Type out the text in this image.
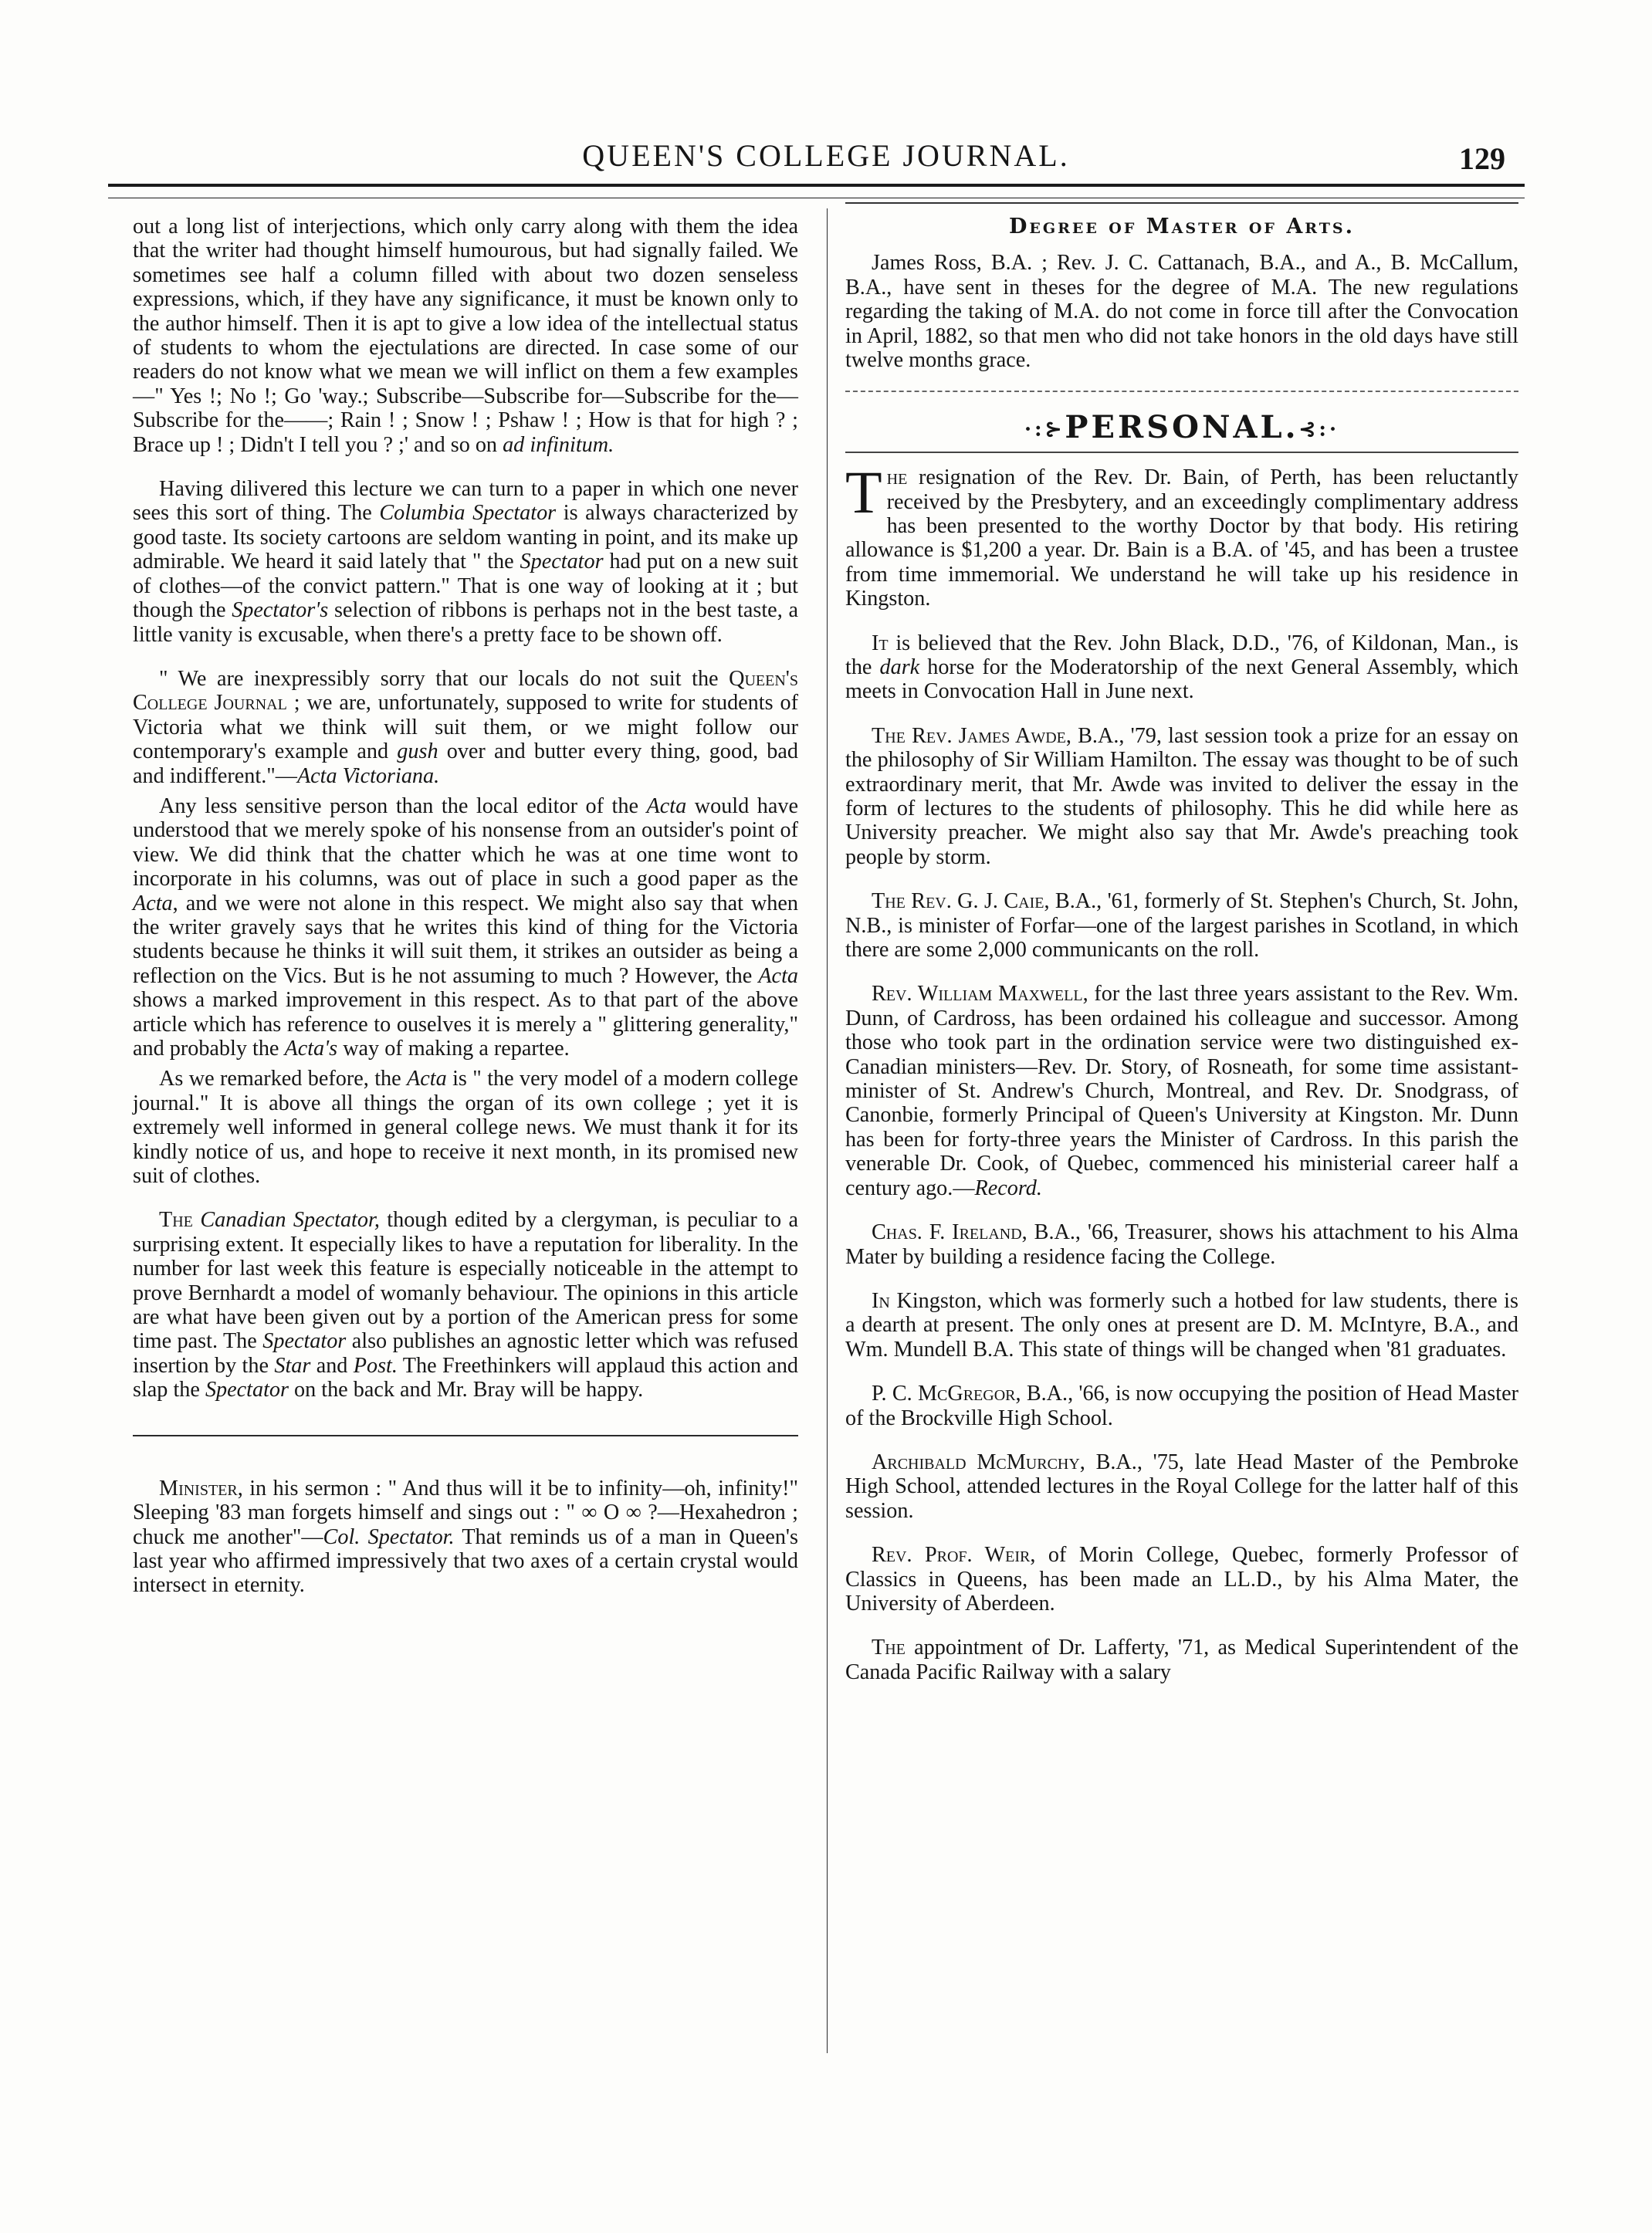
QUEEN'S COLLEGE JOURNAL.	129

out a long list of interjections, which only carry along with them the idea that the writer had thought himself humourous, but had signally failed. We sometimes see half a column filled with about two dozen senseless expressions, which, if they have any significance, it must be known only to the author himself. Then it is apt to give a low idea of the intellectual status of students to whom the ejectulations are directed. In case some of our readers do not know what we mean we will inflict on them a few examples—" Yes !; No !; Go 'way.; Subscribe—Subscribe for—Subscribe for the—Subscribe for the——; Rain ! ; Snow ! ; Pshaw ! ; How is that for high ? ; Brace up ! ; Didn't I tell you ? ;' and so on ad infinitum.

Having dilivered this lecture we can turn to a paper in which one never sees this sort of thing. The Columbia Spectator is always characterized by good taste. Its society cartoons are seldom wanting in point, and its make up admirable. We heard it said lately that " the Spectator had put on a new suit of clothes—of the convict pattern." That is one way of looking at it ; but though the Spectator's selection of ribbons is perhaps not in the best taste, a little vanity is excusable, when there's a pretty face to be shown off.

" We are inexpressibly sorry that our locals do not suit the Queen's College Journal ; we are, unfortunately, supposed to write for students of Victoria what we think will suit them, or we might follow our contemporary's example and gush over and butter every thing, good, bad and indifferent."—Acta Victoriana.

Any less sensitive person than the local editor of the Acta would have understood that we merely spoke of his nonsense from an outsider's point of view. We did think that the chatter which he was at one time wont to incorporate in his columns, was out of place in such a good paper as the Acta, and we were not alone in this respect. We might also say that when the writer gravely says that he writes this kind of thing for the Victoria students because he thinks it will suit them, it strikes an outsider as being a reflection on the Vics. But is he not assuming to much ? However, the Acta shows a marked improvement in this respect. As to that part of the above article which has reference to ouselves it is merely a " glittering generality," and probably the Acta's way of making a repartee.

As we remarked before, the Acta is " the very model of a modern college journal." It is above all things the organ of its own college ; yet it is extremely well informed in general college news. We must thank it for its kindly notice of us, and hope to receive it next month, in its promised new suit of clothes.

The Canadian Spectator, though edited by a clergyman, is peculiar to a surprising extent. It especially likes to have a reputation for liberality. In the number for last week this feature is especially noticeable in the attempt to prove Bernhardt a model of womanly behaviour. The opinions in this article are what have been given out by a portion of the American press for some time past. The Spectator also publishes an agnostic letter which was refused insertion by the Star and Post. The Freethinkers will applaud this action and slap the Spectator on the back and Mr. Bray will be happy.

Minister, in his sermon : " And thus will it be to infinity—oh, infinity!" Sleeping '83 man forgets himself and sings out : " ∞ O ∞ ?—Hexahedron ; chuck me another"—Col. Spectator. That reminds us of a man in Queen's last year who affirmed impressively that two axes of a certain crystal would intersect in eternity.

Degree of Master of Arts.

James Ross, B.A. ; Rev. J. C. Cattanach, B.A., and A., B. McCallum, B.A., have sent in theses for the degree of M.A. The new regulations regarding the taking of M.A. do not come in force till after the Convocation in April, 1882, so that men who did not take honors in the old days have still twelve months grace.

·:⊱PERSONAL.⊰:·

The resignation of the Rev. Dr. Bain, of Perth, has been reluctantly received by the Presbytery, and an exceedingly complimentary address has been presented to the worthy Doctor by that body. His retiring allowance is $1,200 a year. Dr. Bain is a B.A. of '45, and has been a trustee from time immemorial. We understand he will take up his residence in Kingston.

It is believed that the Rev. John Black, D.D., '76, of Kildonan, Man., is the dark horse for the Moderatorship of the next General Assembly, which meets in Convocation Hall in June next.

The Rev. James Awde, B.A., '79, last session took a prize for an essay on the philosophy of Sir William Hamilton. The essay was thought to be of such extraordinary merit, that Mr. Awde was invited to deliver the essay in the form of lectures to the students of philosophy. This he did while here as University preacher. We might also say that Mr. Awde's preaching took people by storm.

The Rev. G. J. Caie, B.A., '61, formerly of St. Stephen's Church, St. John, N.B., is minister of Forfar—one of the largest parishes in Scotland, in which there are some 2,000 communicants on the roll.

Rev. William Maxwell, for the last three years assistant to the Rev. Wm. Dunn, of Cardross, has been ordained his colleague and successor. Among those who took part in the ordination service were two distinguished ex-Canadian ministers—Rev. Dr. Story, of Rosneath, for some time assistant-minister of St. Andrew's Church, Montreal, and Rev. Dr. Snodgrass, of Canonbie, formerly Principal of Queen's University at Kingston. Mr. Dunn has been for forty-three years the Minister of Cardross. In this parish the venerable Dr. Cook, of Quebec, commenced his ministerial career half a century ago.—Record.

Chas. F. Ireland, B.A., '66, Treasurer, shows his attachment to his Alma Mater by building a residence facing the College.

In Kingston, which was formerly such a hotbed for law students, there is a dearth at present. The only ones at present are D. M. McIntyre, B.A., and Wm. Mundell B.A. This state of things will be changed when '81 graduates.

P. C. McGregor, B.A., '66, is now occupying the position of Head Master of the Brockville High School.

Archibald McMurchy, B.A., '75, late Head Master of the Pembroke High School, attended lectures in the Royal College for the latter half of this session.

Rev. Prof. Weir, of Morin College, Quebec, formerly Professor of Classics in Queens, has been made an LL.D., by his Alma Mater, the University of Aberdeen.

The appointment of Dr. Lafferty, '71, as Medical Superintendent of the Canada Pacific Railway with a salary
